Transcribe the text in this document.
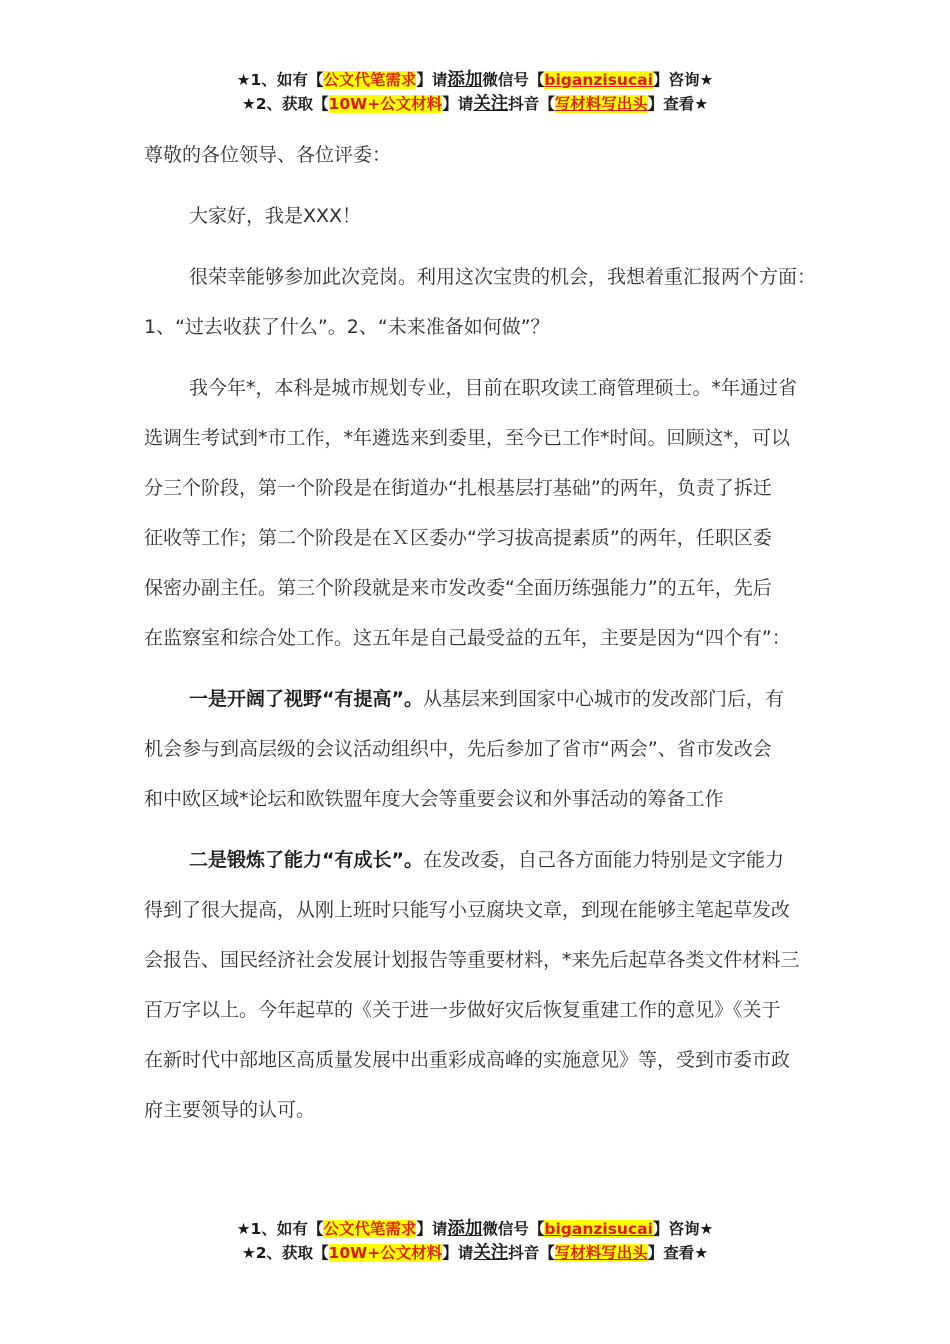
★1、如有【公文代笔需求】请添加微信号【biganzisucai】咨询★
★2、获取【10W+公文材料】请关注抖音【写材料写出头】查看★

尊敬的各位领导、各位评委：

大家好，我是XXX！

很荣幸能够参加此次竞岗。利用这次宝贵的机会，我想着重汇报两个方面：

1、“过去收获了什么”。2、“未来准备如何做”？

我今年*，本科是城市规划专业，目前在职攻读工商管理硕士。*年通过省

选调生考试到*市工作，*年遴选来到委里，至今已工作*时间。回顾这*，可以

分三个阶段，第一个阶段是在街道办“扎根基层打基础”的两年，负责了拆迁

征收等工作；第二个阶段是在Ｘ区委办“学习拔高提素质”的两年，任职区委

保密办副主任。第三个阶段就是来市发改委“全面历练强能力”的五年，先后

在监察室和综合处工作。这五年是自己最受益的五年，主要是因为“四个有”：

一是开阔了视野“有提高”。从基层来到国家中心城市的发改部门后，有

机会参与到高层级的会议活动组织中，先后参加了省市“两会”、省市发改会

和中欧区域*论坛和欧铁盟年度大会等重要会议和外事活动的筹备工作

二是锻炼了能力“有成长”。在发改委，自己各方面能力特别是文字能力

得到了很大提高，从刚上班时只能写小豆腐块文章，到现在能够主笔起草发改

会报告、国民经济社会发展计划报告等重要材料，*来先后起草各类文件材料三

百万字以上。今年起草的《关于进一步做好灾后恢复重建工作的意见》《关于

在新时代中部地区高质量发展中出重彩成高峰的实施意见》等，受到市委市政

府主要领导的认可。

★1、如有【公文代笔需求】请添加微信号【biganzisucai】咨询★
★2、获取【10W+公文材料】请关注抖音【写材料写出头】查看★
